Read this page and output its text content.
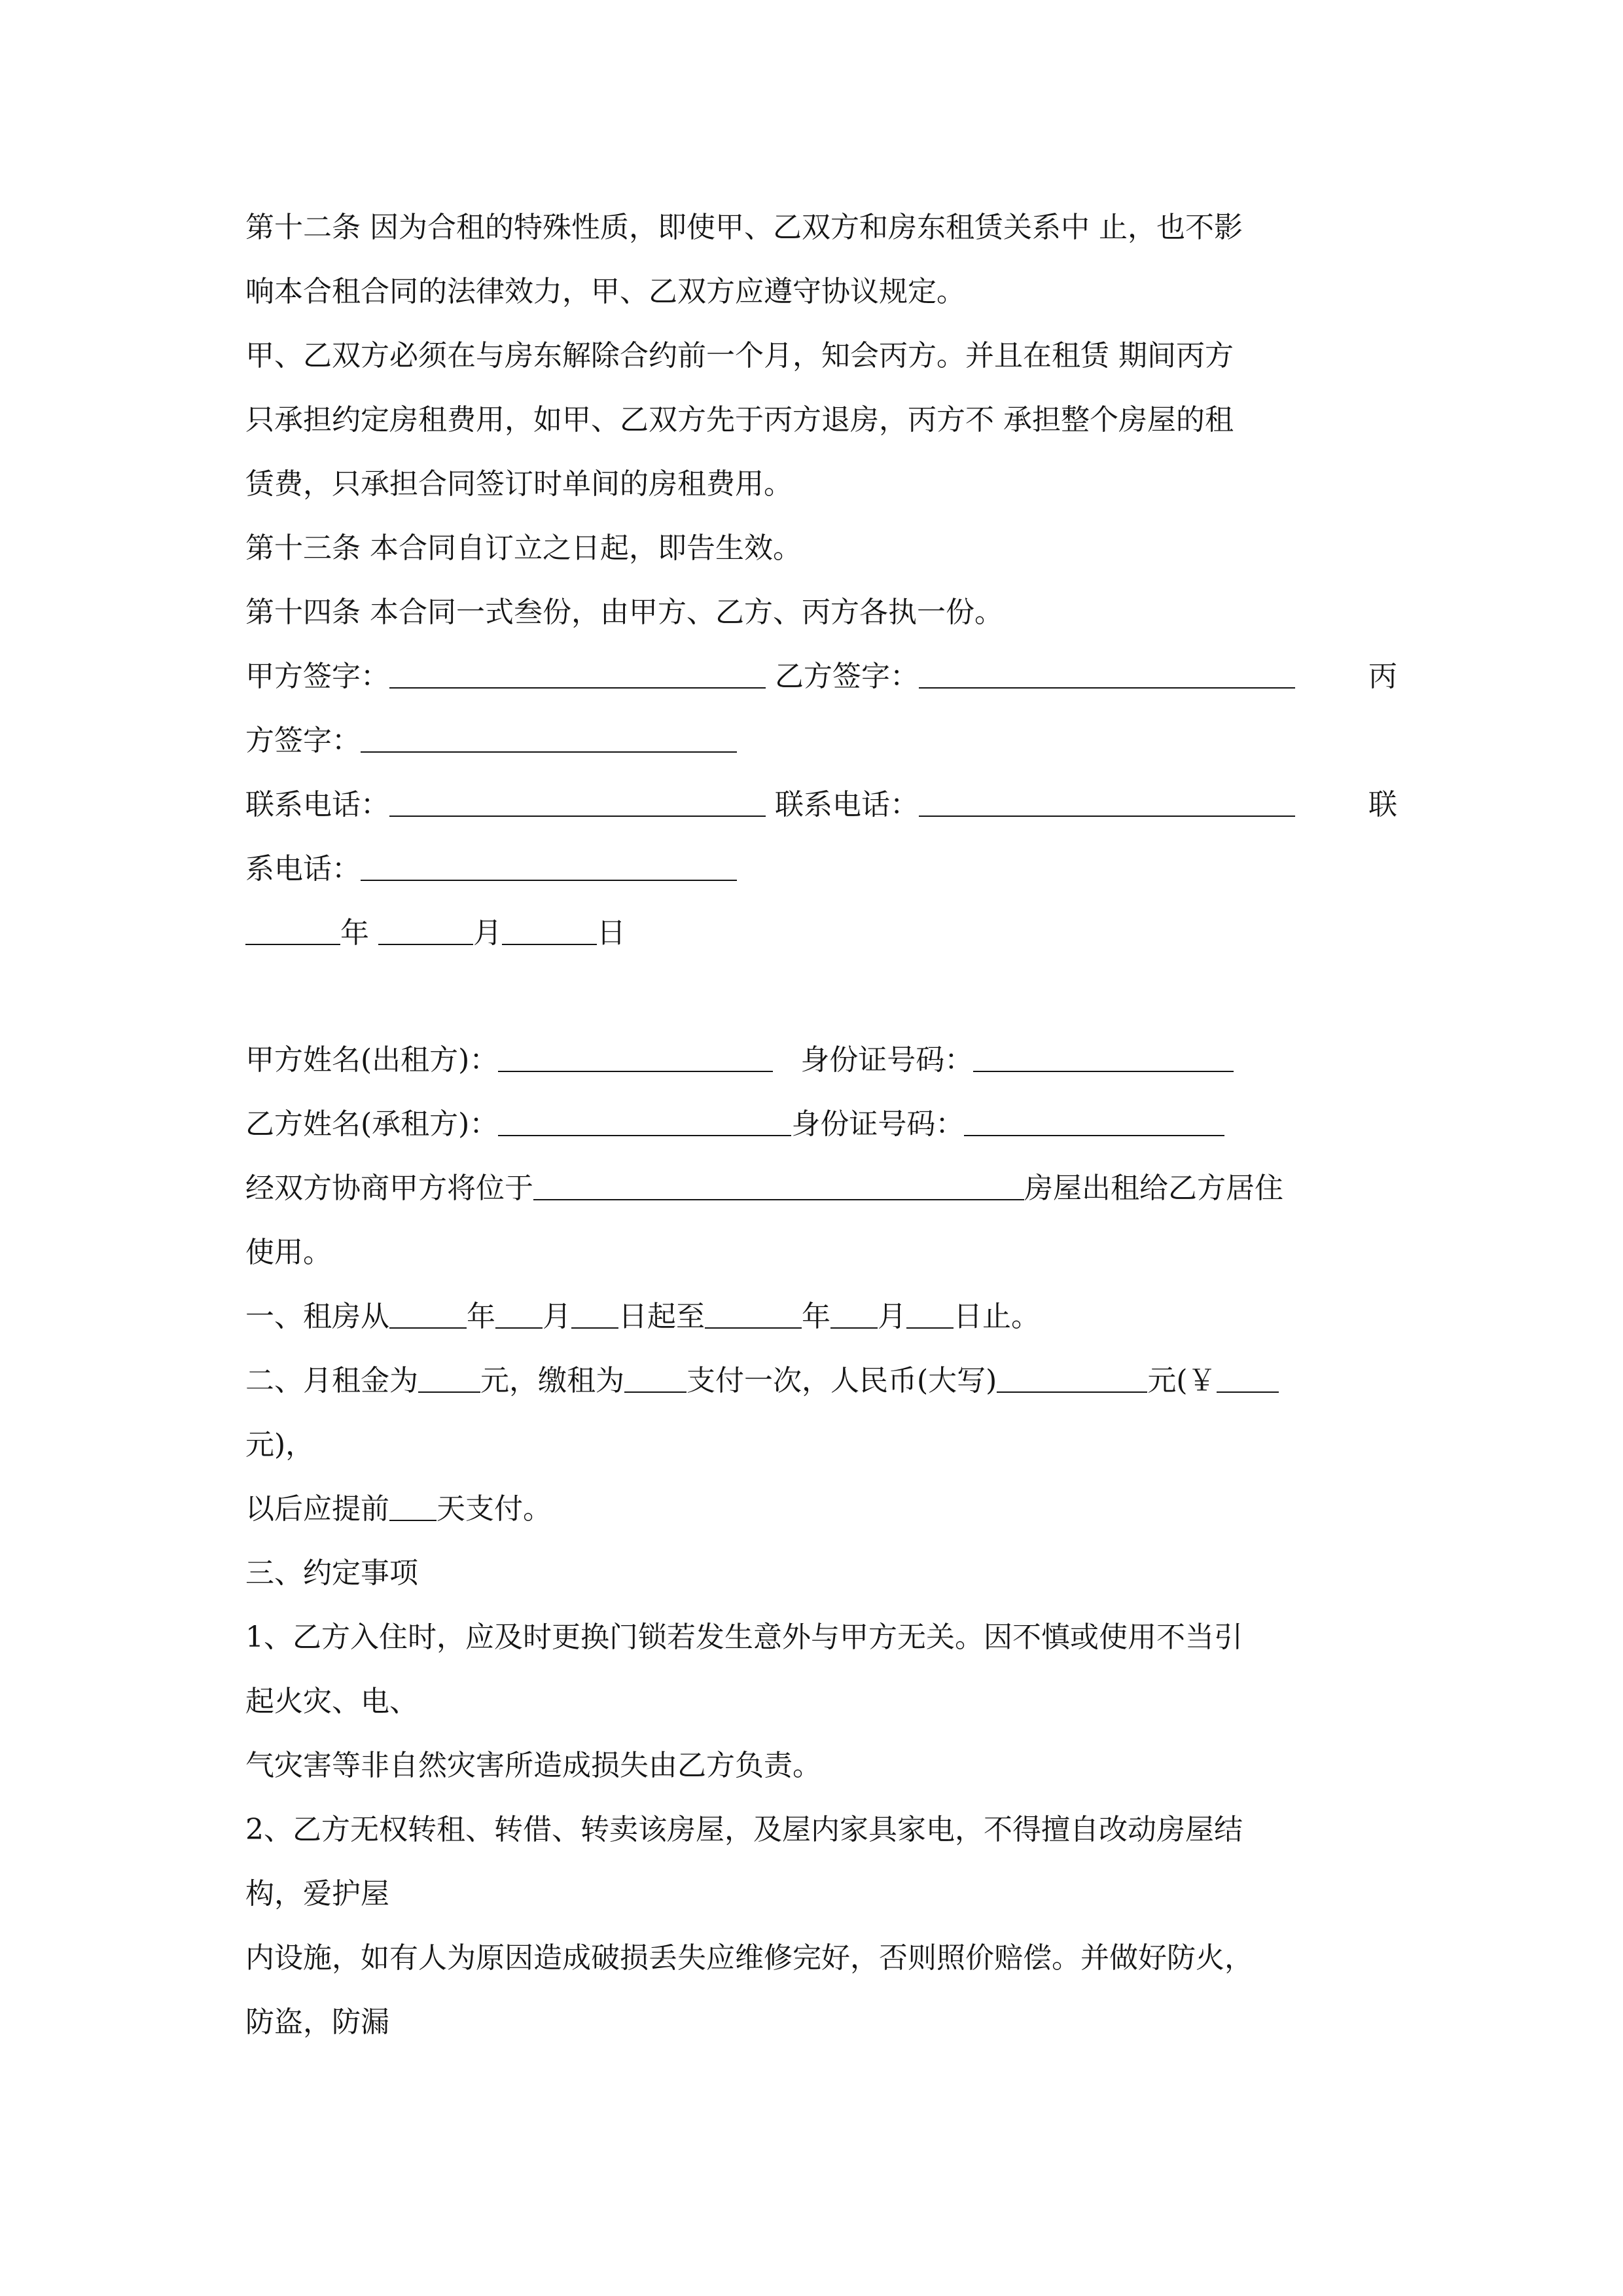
第十二条 因为合租的特殊性质，即使甲、乙双方和房东租赁关系中 止，也不影
响本合租合同的法律效力，甲、乙双方应遵守协议规定。
甲、乙双方必须在与房东解除合约前一个月，知会丙方。并且在租赁 期间丙方
只承担约定房租费用，如甲、乙双方先于丙方退房，丙方不 承担整个房屋的租
赁费，只承担合同签订时单间的房租费用。
第十三条 本合同自订立之日起，即告生效。
第十四条 本合同一式叁份，由甲方、乙方、丙方各执一份。
甲方签字：	乙方签字：	丙
方签字：
联系电话：	联系电话：	联
系电话：
年	月	日
甲方姓名(出租方)：	身份证号码：
乙方姓名(承租方)：	身份证号码：
经双方协商甲方将位于	房屋出租给乙方居住
使用。
一、租房从	年 月 日起至	年 月 日止。
二、月租金为 元，缴租为 支付一次，人民币(大写)	元(￥
元)，
以后应提前 天支付。
三、约定事项
1、乙方入住时，应及时更换门锁若发生意外与甲方无关。因不慎或使用不当引
起火灾、电、
气灾害等非自然灾害所造成损失由乙方负责。
2、乙方无权转租、转借、转卖该房屋，及屋内家具家电，不得擅自改动房屋结
构，爱护屋
内设施，如有人为原因造成破损丢失应维修完好，否则照价赔偿。并做好防火，
防盗，防漏
